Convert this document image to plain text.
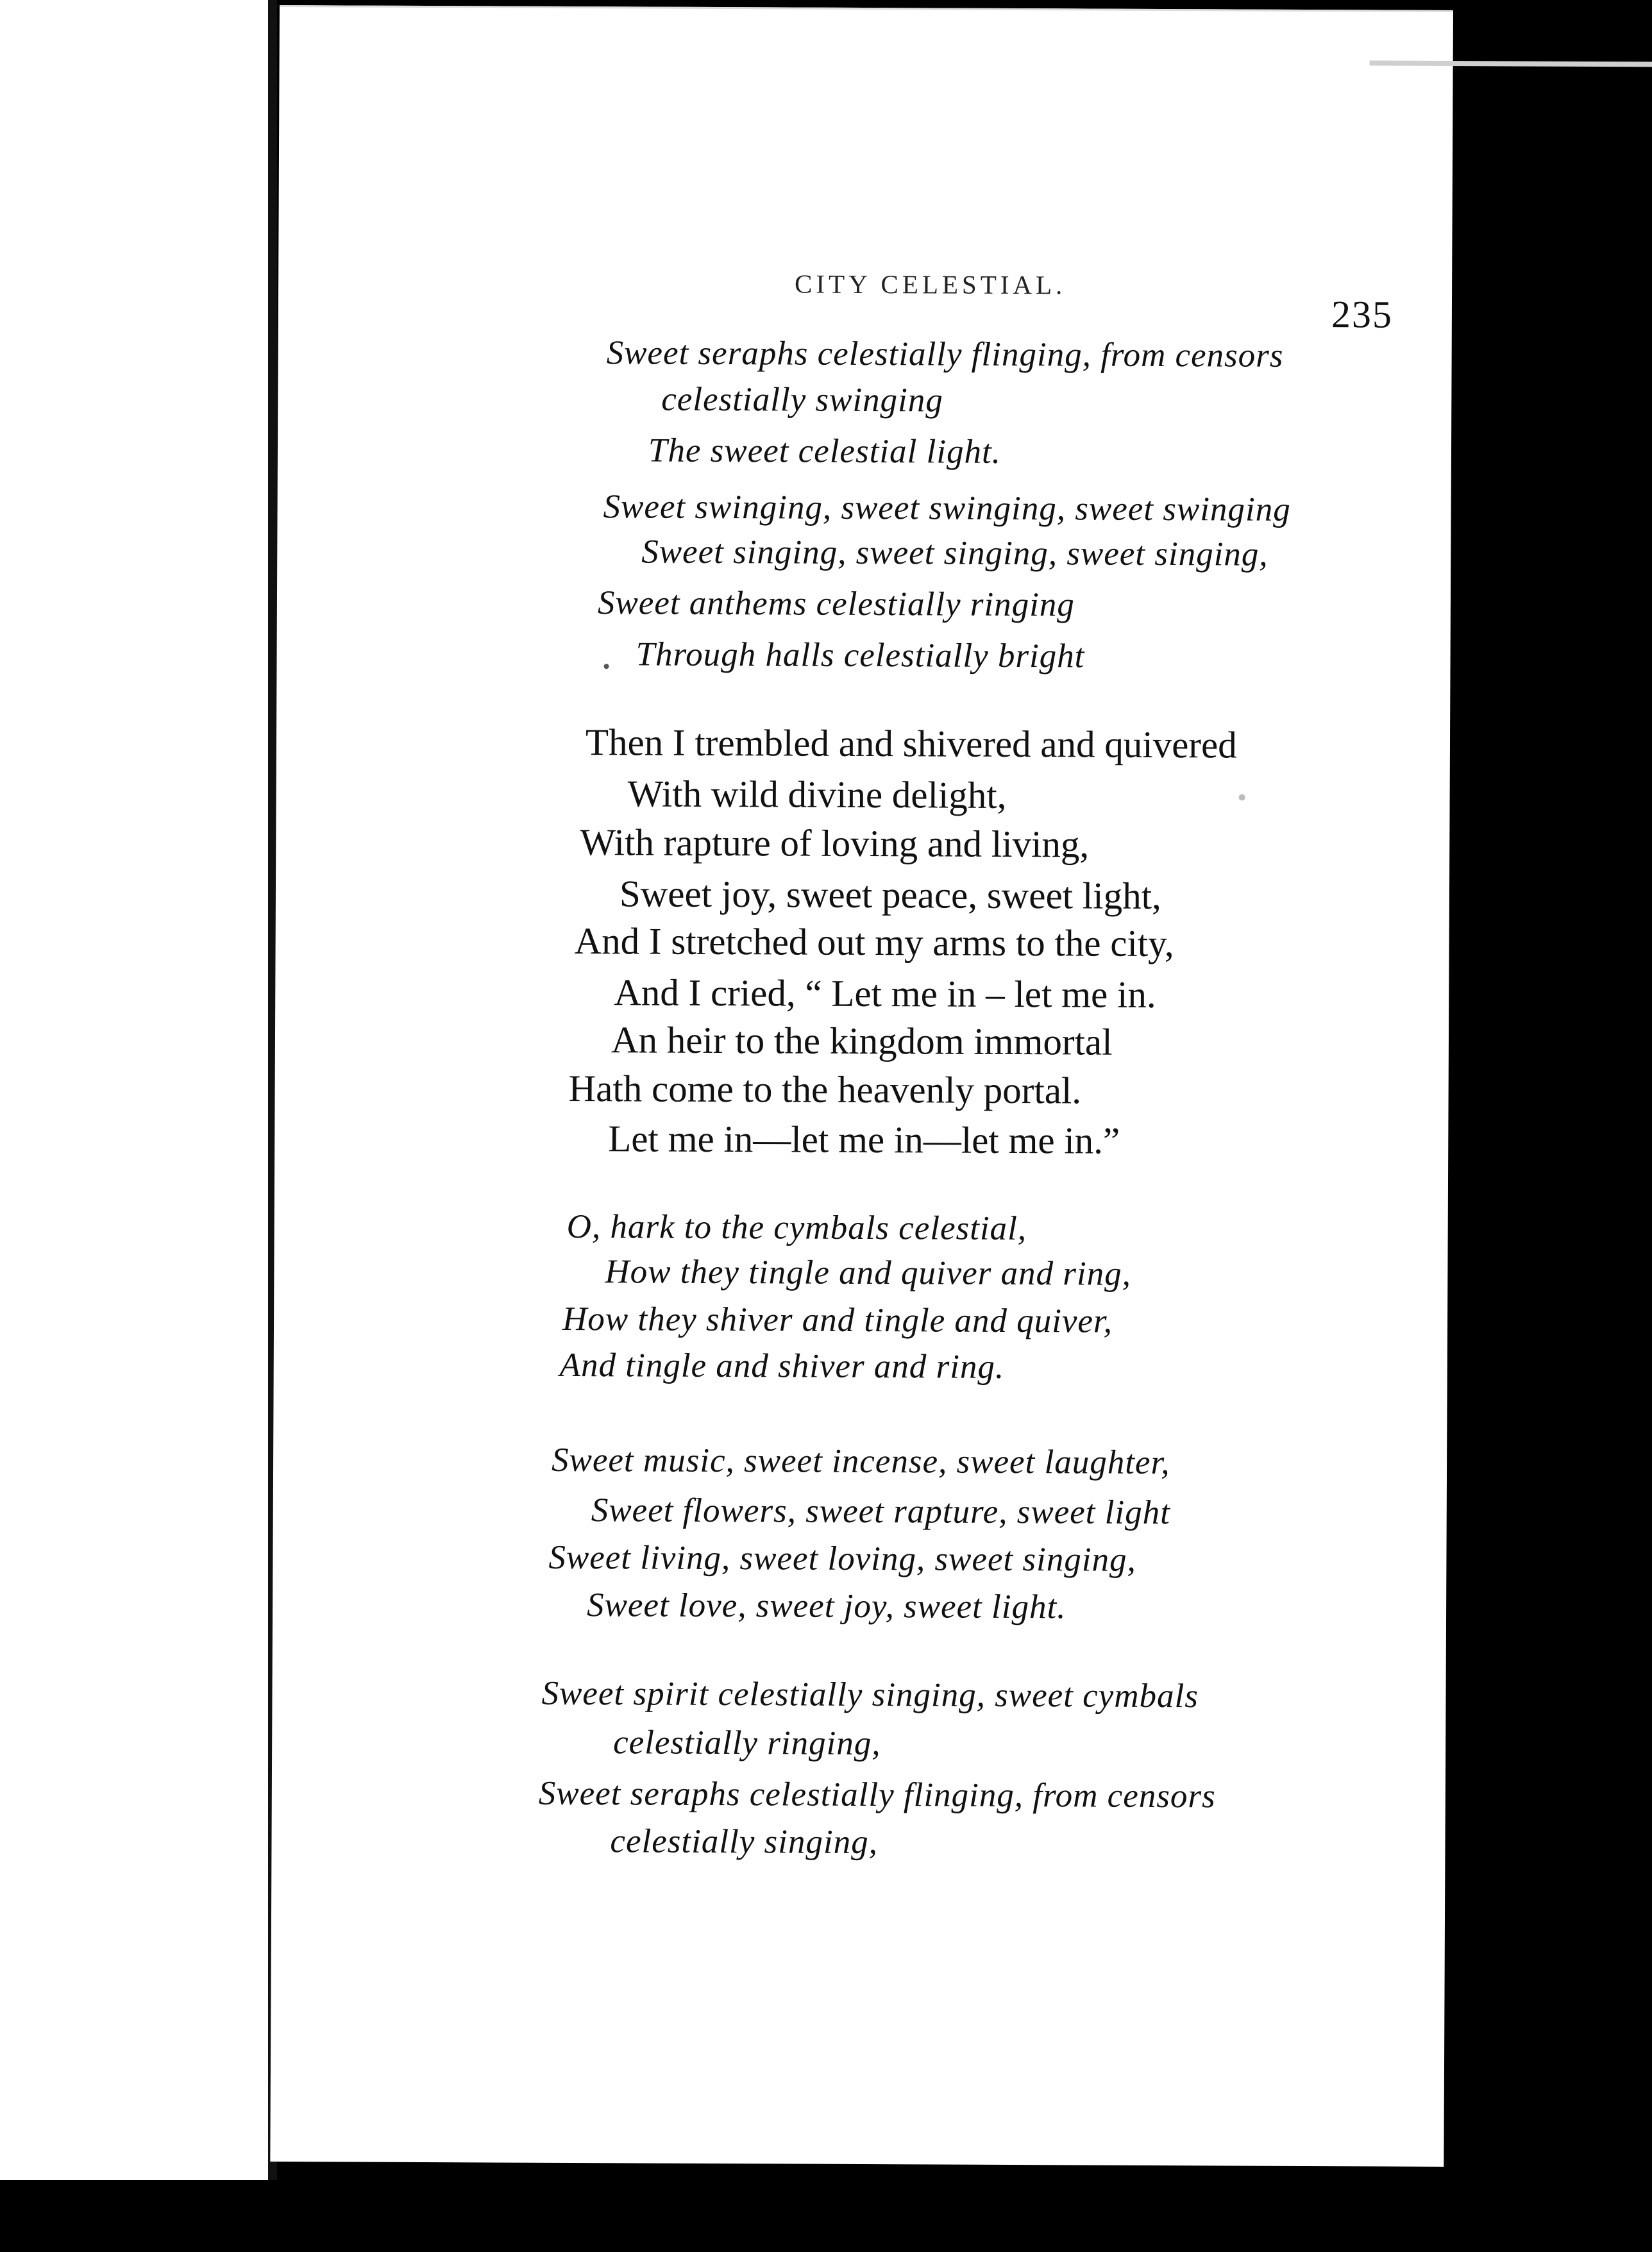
CITY CELESTIAL.
235
Sweet seraphs celestially flinging, from censors
celestially swinging
The sweet celestial light.
Sweet swinging, sweet swinging, sweet swinging
Sweet singing, sweet singing, sweet singing,
Sweet anthems celestially ringing
Through halls celestially bright
Then I trembled and shivered and quivered
With wild divine delight,
With rapture of loving and living,
Sweet joy, sweet peace, sweet light,
And I stretched out my arms to the city,
And I cried, “ Let me in – let me in.
An heir to the kingdom immortal
Hath come to the heavenly portal.
Let me in—let me in—let me in.”
O, hark to the cymbals celestial,
How they tingle and quiver and ring,
How they shiver and tingle and quiver,
And tingle and shiver and ring.
Sweet music, sweet incense, sweet laughter,
Sweet flowers, sweet rapture, sweet light
Sweet living, sweet loving, sweet singing,
Sweet love, sweet joy, sweet light.
Sweet spirit celestially singing, sweet cymbals
celestially ringing,
Sweet seraphs celestially flinging, from censors
celestially singing,
